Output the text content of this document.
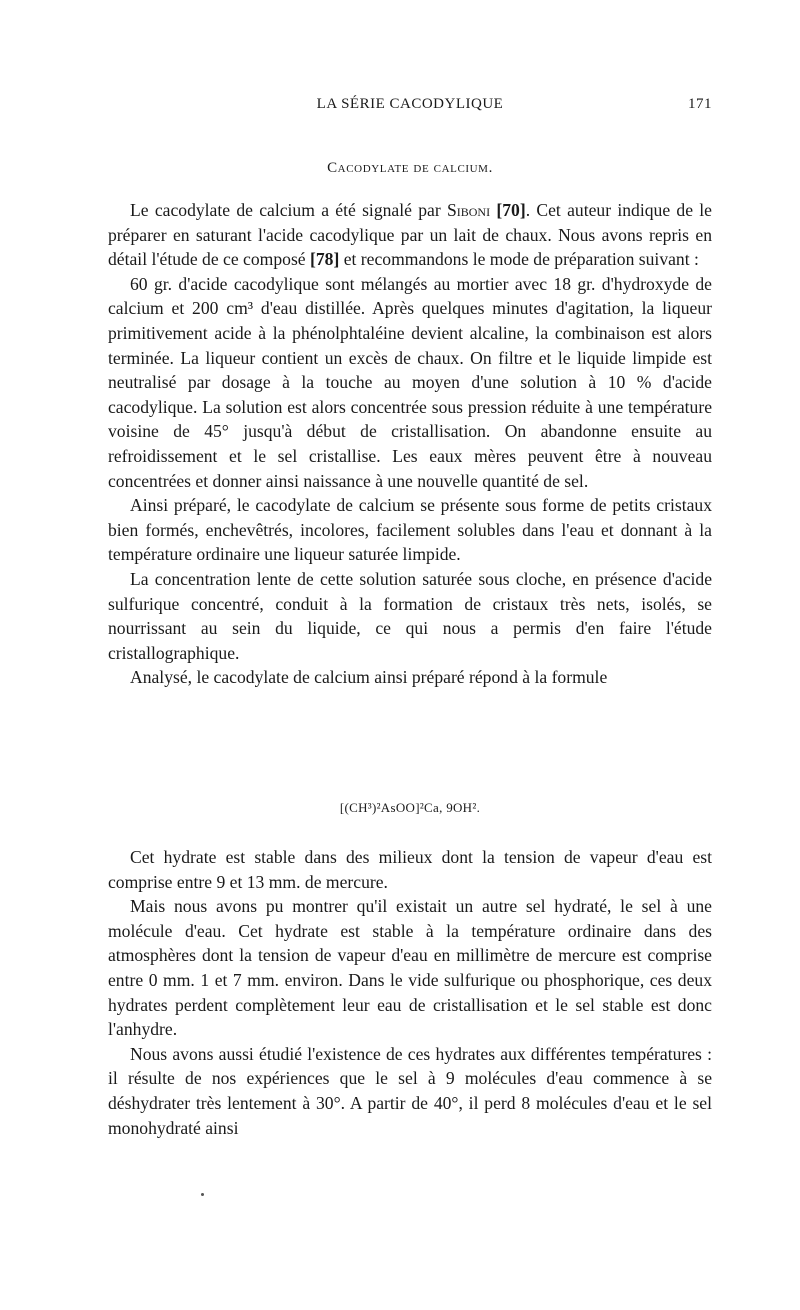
LA SÉRIE CACODYLIQUE	171
Cacodylate de calcium.

Le cacodylate de calcium a été signalé par Siboni [70]. Cet auteur indique de le préparer en saturant l'acide cacodylique par un lait de chaux. Nous avons repris en détail l'étude de ce composé [78] et recommandons le mode de préparation suivant :

60 gr. d'acide cacodylique sont mélangés au mortier avec 18 gr. d'hydroxyde de calcium et 200 cm³ d'eau distillée. Après quelques minutes d'agitation, la liqueur primitivement acide à la phénolphtaléine devient alcaline, la combinaison est alors terminée. La liqueur contient un excès de chaux. On filtre et le liquide limpide est neutralisé par dosage à la touche au moyen d'une solution à 10 % d'acide cacodylique. La solution est alors concentrée sous pression réduite à une température voisine de 45° jusqu'à début de cristallisation. On abandonne ensuite au refroidissement et le sel cristallise. Les eaux mères peuvent être à nouveau concentrées et donner ainsi naissance à une nouvelle quantité de sel.

Ainsi préparé, le cacodylate de calcium se présente sous forme de petits cristaux bien formés, enchevêtrés, incolores, facilement solubles dans l'eau et donnant à la température ordinaire une liqueur saturée limpide.

La concentration lente de cette solution saturée sous cloche, en présence d'acide sulfurique concentré, conduit à la formation de cristaux très nets, isolés, se nourrissant au sein du liquide, ce qui nous a permis d'en faire l'étude cristallographique.

Analysé, le cacodylate de calcium ainsi préparé répond à la formule

[(CH³)²AsOO]²Ca, 9OH².

Cet hydrate est stable dans des milieux dont la tension de vapeur d'eau est comprise entre 9 et 13 mm. de mercure.

Mais nous avons pu montrer qu'il existait un autre sel hydraté, le sel à une molécule d'eau. Cet hydrate est stable à la température ordinaire dans des atmosphères dont la tension de vapeur d'eau en millimètre de mercure est comprise entre 0 mm. 1 et 7 mm. environ. Dans le vide sulfurique ou phosphorique, ces deux hydrates perdent complètement leur eau de cristallisation et le sel stable est donc l'anhydre.

Nous avons aussi étudié l'existence de ces hydrates aux différentes températures : il résulte de nos expériences que le sel à 9 molécules d'eau commence à se déshydrater très lentement à 30°. A partir de 40°, il perd 8 molécules d'eau et le sel monohydraté ainsi
